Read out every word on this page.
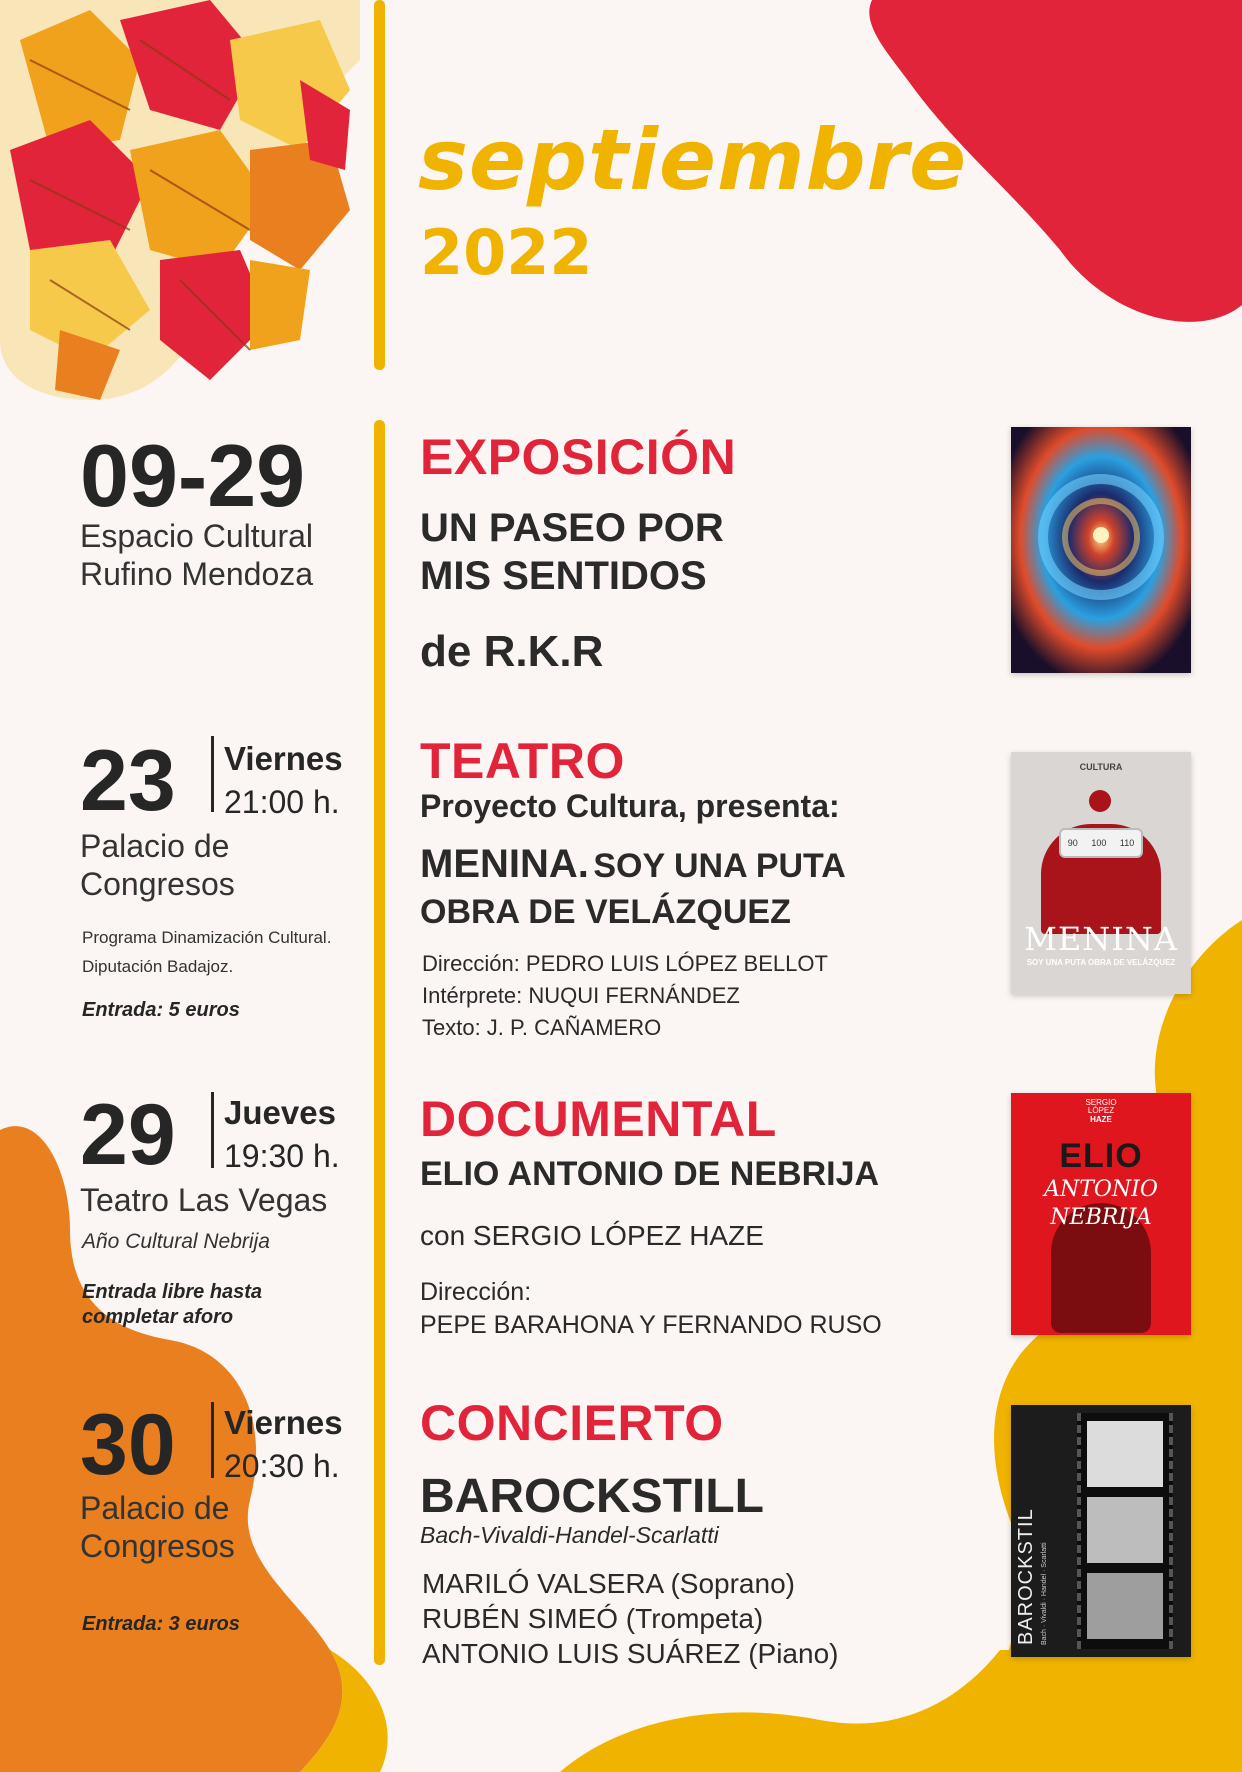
septiembre
2022
09-29
Espacio Cultural
Rufino Mendoza
EXPOSICIÓN
UN PASEO POR
MIS SENTIDOS
de R.K.R
23 Viernes
21:00 h.
Palacio de
Congresos
Programa Dinamización Cultural.
Diputación Badajoz.
Entrada: 5 euros
TEATRO
Proyecto Cultura, presenta:
MENINA. SOY UNA PUTA
OBRA DE VELÁZQUEZ
Dirección: PEDRO LUIS LÓPEZ BELLOT
Intérprete: NUQUI FERNÁNDEZ
Texto: J. P. CAÑAMERO
CULTURA
90 100 110
MENINA
SOY UNA PUTA OBRA DE VELÁZQUEZ
29 Jueves
19:30 h.
Teatro Las Vegas
Año Cultural Nebrija
Entrada libre hasta
completar aforo
DOCUMENTAL
ELIO ANTONIO DE NEBRIJA
con SERGIO LÓPEZ HAZE
Dirección:
PEPE BARAHONA Y FERNANDO RUSO
SERGIO
LÓPEZ
HAZE
ELIO
ANTONIO
NEBRIJA
30 Viernes
20:30 h.
Palacio de
Congresos
Entrada: 3 euros
CONCIERTO
BAROCKSTILL
Bach-Vivaldi-Handel-Scarlatti
MARILÓ VALSERA (Soprano)
RUBÉN SIMEÓ (Trompeta)
ANTONIO LUIS SUÁREZ (Piano)
BAROCKSTIL Bach · Vivaldi · Handel · Scarlatti
